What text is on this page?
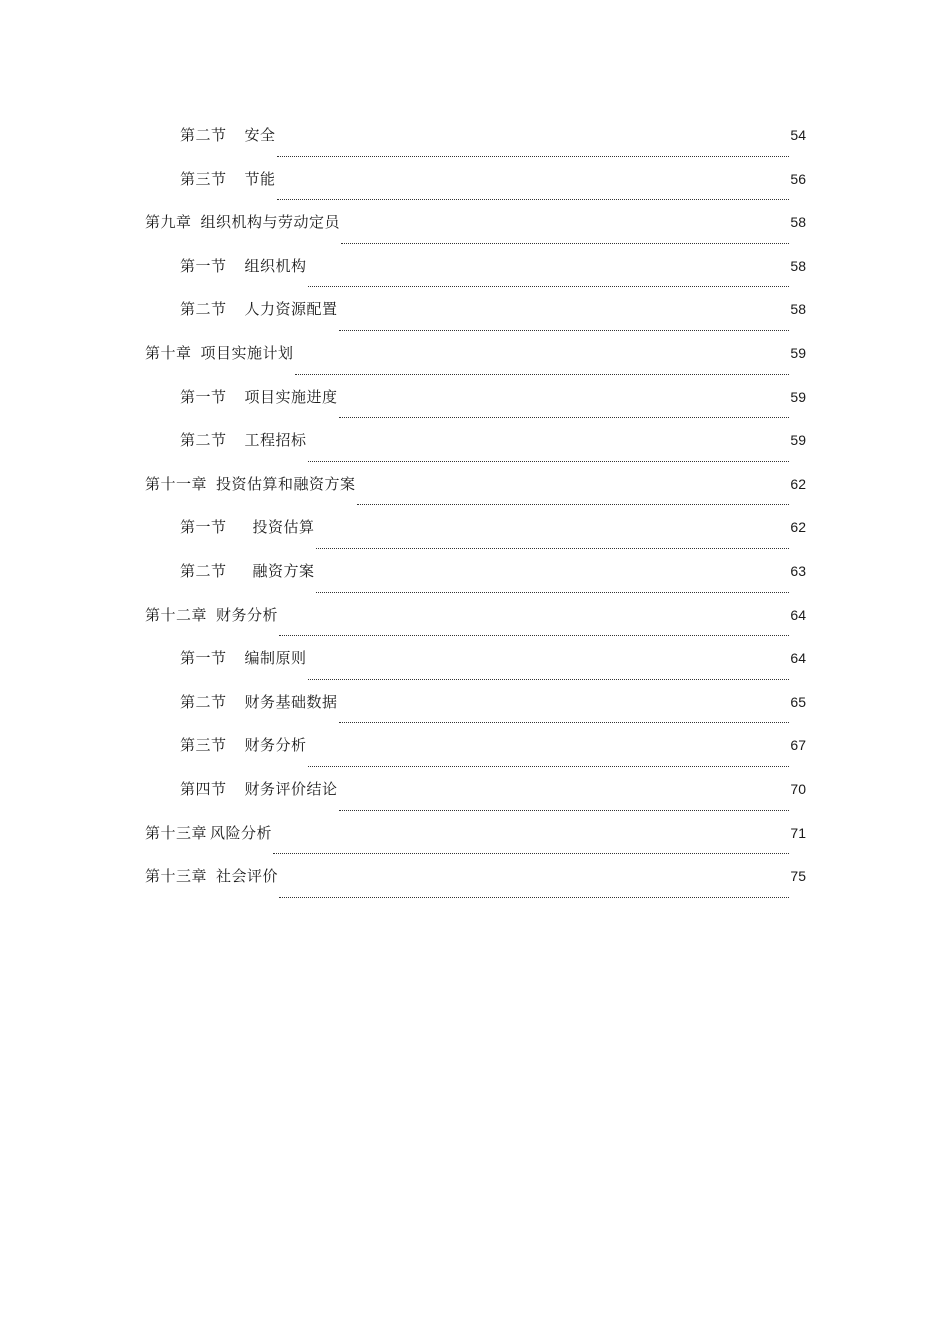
第二节 安全	54
第三节 节能	56
第九章 组织机构与劳动定员	58
第一节 组织机构	58
第二节 人力资源配置	58
第十章 项目实施计划	59
第一节 项目实施进度	59
第二节 工程招标	59
第十一章 投资估算和融资方案	62
第一节 投资估算	62
第二节 融资方案	63
第十二章 财务分析	64
第一节 编制原则	64
第二节 财务基础数据	65
第三节 财务分析	67
第四节 财务评价结论	70
第十三章 风险分析	71
第十三章 社会评价	75
